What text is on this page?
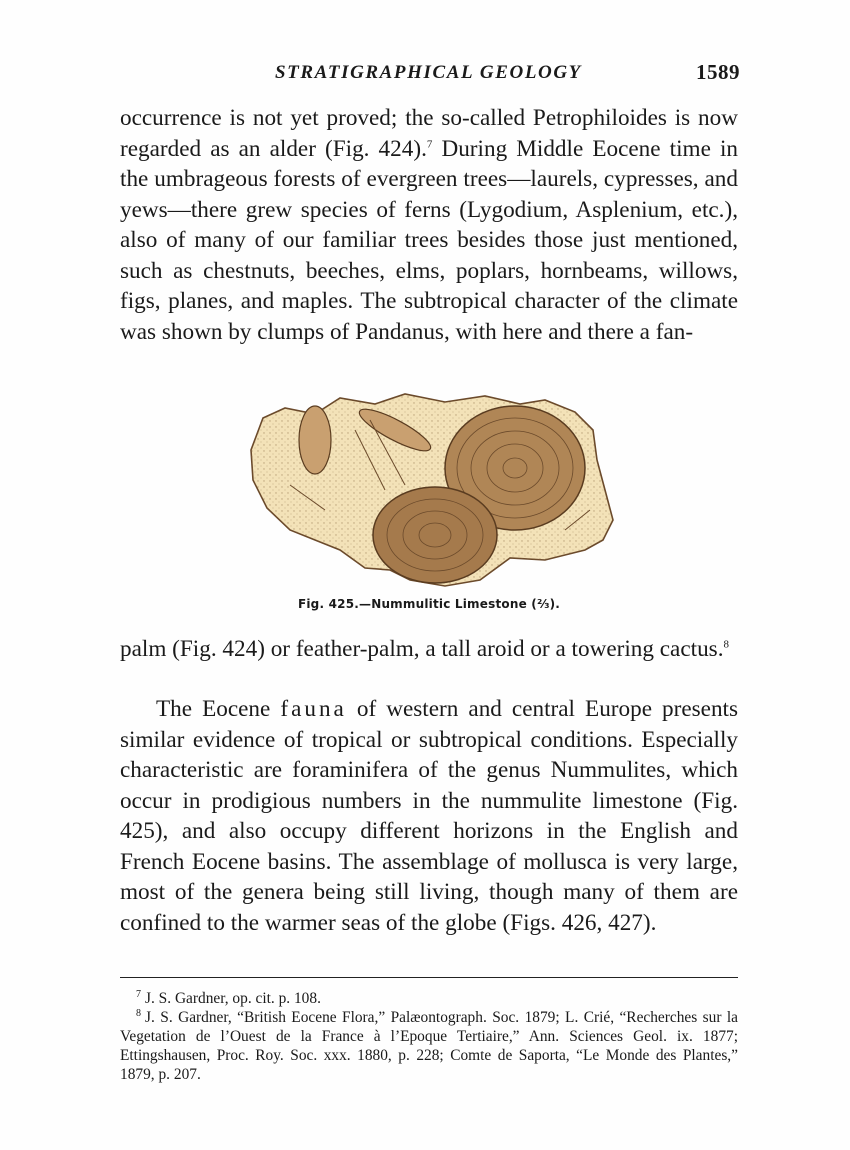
STRATIGRAPHICAL GEOLOGY	1589

occurrence is not yet proved; the so-called Petrophiloides is now regarded as an alder (Fig. 424).$^7$ During Middle Eocene time in the umbrageous forests of evergreen trees—laurels, cypresses, and yews—there grew species of ferns (Lygodium, Asplenium, etc.), also of many of our familiar trees besides those just mentioned, such as chestnuts, beeches, elms, poplars, hornbeams, willows, figs, planes, and maples. The subtropical character of the climate was shown by clumps of Pandanus, with here and there a fan-

Fig. 425.—Nummulitic Limestone (⅔).

palm (Fig. 424) or feather-palm, a tall aroid or a towering cactus.$^8$

The Eocene fauna of western and central Europe presents similar evidence of tropical or subtropical conditions. Especially characteristic are foraminifera of the genus Nummulites, which occur in prodigious numbers in the nummulite limestone (Fig. 425), and also occupy different horizons in the English and French Eocene basins. The assemblage of mollusca is very large, most of the genera being still living, though many of them are confined to the warmer seas of the globe (Figs. 426, 427).

$^7$ J. S. Gardner, op. cit. p. 108.

$^8$ J. S. Gardner, “British Eocene Flora,” Palæontograph. Soc. 1879; L. Crié, “Recherches sur la Vegetation de l’Ouest de la France à l’Epoque Tertiaire,” Ann. Sciences Geol. ix. 1877; Ettingshausen, Proc. Roy. Soc. xxx. 1880, p. 228; Comte de Saporta, “Le Monde des Plantes,” 1879, p. 207.
